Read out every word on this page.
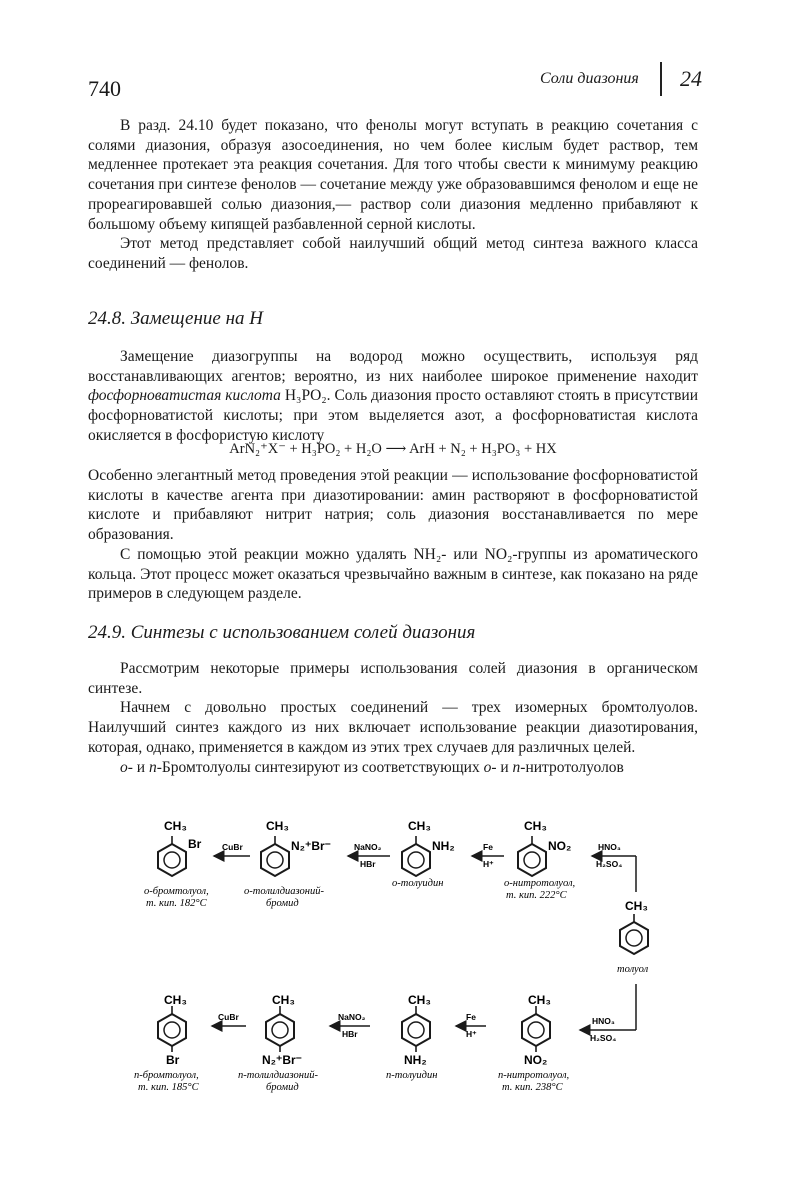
740	Соли диазония 24

В разд. 24.10 будет показано, что фенолы могут вступать в реакцию сочетания с солями диазония, образуя азосоединения, но чем более кислым будет раствор, тем медленнее протекает эта реакция сочетания. Для того чтобы свести к минимуму реакцию сочетания при синтезе фенолов — сочетание между уже образовавшимся фенолом и еще не прореагировавшей солью диазония,— раствор соли диазония медленно прибавляют к большому объему кипящей разбавленной серной кислоты.

Этот метод представляет собой наилучший общий метод синтеза важного класса соединений — фенолов.

24.8. Замещение на Н

Замещение диазогруппы на водород можно осуществить, используя ряд восстанавливающих агентов; вероятно, из них наиболее широкое применение находит фосфорноватистая кислота H₃PO₂. Соль диазония просто оставляют стоять в присутствии фосфорноватистой кислоты; при этом выделяется азот, а фосфорноватистая кислота окисляется в фосфористую кислоту

ArN₂⁺X⁻ + H₃PO₂ + H₂O ⟶ ArH + N₂ + H₃PO₃ + HX

Особенно элегантный метод проведения этой реакции — использование фосфорноватистой кислоты в качестве агента при диазотировании: амин растворяют в фосфорноватистой кислоте и прибавляют нитрит натрия; соль диазония восстанавливается по мере образования.

С помощью этой реакции можно удалять NH₂- или NO₂-группы из ароматического кольца. Этот процесс может оказаться чрезвычайно важным в синтезе, как показано на ряде примеров в следующем разделе.

24.9. Синтезы с использованием солей диазония

Рассмотрим некоторые примеры использования солей диазония в органическом синтезе.

Начнем с довольно простых соединений — трех изомерных бромтолуолов. Наилучший синтез каждого из них включает использование реакции диазотирования, которая, однако, применяется в каждом из этих трех случаев для различных целей.

о- и п-Бромтолуолы синтезируют из соответствующих о- и п-нитротолуолов

CH₃
Br
о-бромтолуол,
т. кип. 182°С
CuBr
CH₃
N₂⁺Br⁻
о-толилдиазоний-
бромид
NaNO₂
HBr
CH₃
NH₂
о-толуидин
Fe
H⁺
CH₃
NO₂
о-нитротолуол,
т. кип. 222°С
HNO₃
H₂SO₄
CH₃
толуол
CH₃
Br
п-бромтолуол,
т. кип. 185°С
CuBr
CH₃
N₂⁺Br⁻
п-толилдиазоний-
бромид
NaNO₂
HBr
CH₃
NH₂
п-толуидин
Fe
H⁺
CH₃
NO₂
п-нитротолуол,
т. кип. 238°С
HNO₃
H₂SO₄
